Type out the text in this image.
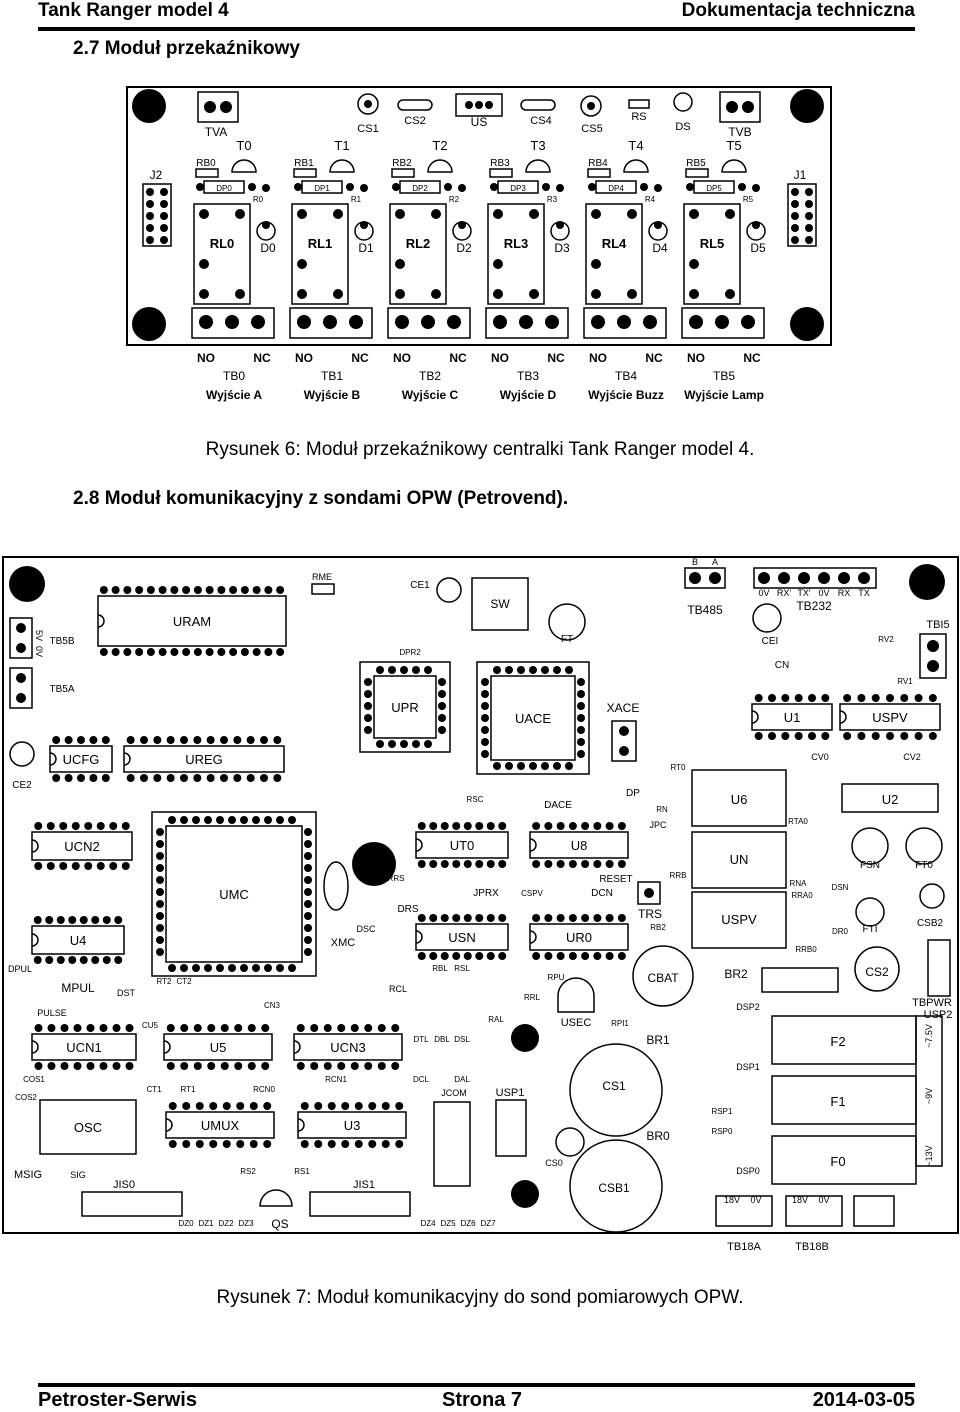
Tank Ranger model 4	Dokumentacja techniczna
2.7 Moduł przekaźnikowy
TVA	CS1
CS2	US	CS4
CS5
RS
DS	TVB
J2	J1
T0
RB0
DP0
R0
RL0 D0
NO	NC
TB0
Wyjście A
T1
RB1
DP1
R1
RL1 D1
NO	NC
TB1
Wyjście B
T2
RB2
DP2
R2
RL2 D2
NO	NC
TB2
Wyjście C
T3
RB3
DP3
R3
RL3 D3
NO	NC
TB3
Wyjście D
T4
RB4
DP4
R4
RL4 D4
NO	NC
TB4
Wyjście Buzz
T5
RB5
DP5
R5
RL5 D5
NO	NC
TB5
Wyjście Lamp
Rysunek 6: Moduł przekaźnikowy centralki Tank Ranger model 4.
2.8 Moduł komunikacyjny z sondami OPW (Petrovend).
URAM
5V
0V
TB5B
TB5A
CE2
UCFG	UREG
UCN2
U4
UMC
RME
CE1
SW
FT
DPR2
UPR
UACE
XACE
B A
TB485
0V RX' TX' 0V RX TX
TB232
CEI
CN
TBI5
RV2
RV1
U1	USPV
CV0	CV2
U6	U2
UN
USPV
DP
DACE
RSC
UT0	U8
RRS
JPRX	CSPV	DCN
RESET
TRS
RB2
USN	UR0
RT0
JPC
RN
RRB
RTA0
RNA
RRA0
DSN
FSN	FT0
FTI
CSB2
DR0
RRB0
BR2	CS2
TBPWR
USP2
XMC
DSC
DRS
DPUL
MPUL DST
PULSE
CT2
CT1 RT1
RT2
CN3
CU5
COS1
COS2
RCN0
RCN1
UCN1	U5	UCN3
OSC	UMUX	U3
RBL RSL
RCL
RAL
RRL
DTL DBL DSL
DCL	DAL
USEC
RPU
RPI1
CBAT
BR1
CS1
USP1
JCOM
BR0
CS0
CSB1
DSP2
DSP1
DSP0
RSP1
RSP0
F2
F1
F0
~7.5V
~9V
~13V
MSIG	SIG
JIS0	JIS1
RS2	RS1
QS
DZ0 DZ1 DZ2 DZ3	DZ4 DZ5 DZ6 DZ7
18V	18V
0V	0V
TB18A	TB18B
Rysunek 7: Moduł komunikacyjny do sond pomiarowych OPW.
Petroster-Serwis	Strona 7	2014-03-05
